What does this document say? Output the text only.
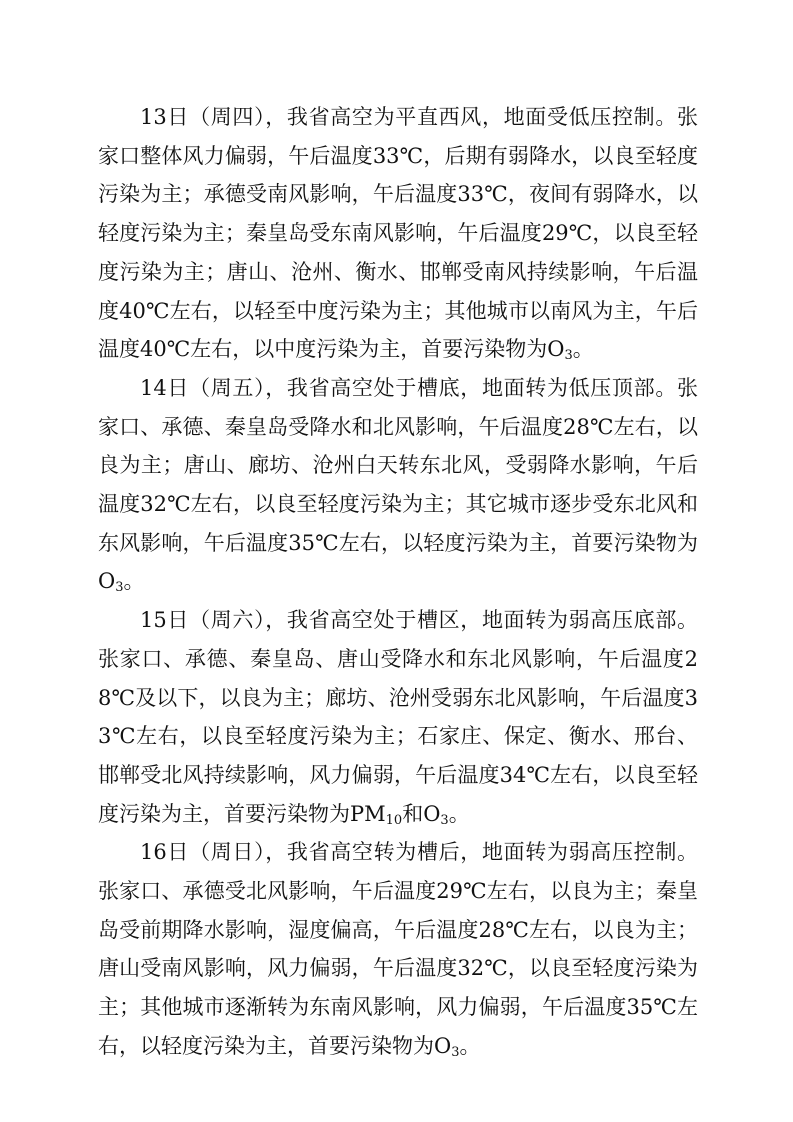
13日（周四），我省高空为平直西风，地面受低压控制。张家口整体风力偏弱，午后温度33℃，后期有弱降水，以良至轻度污染为主；承德受南风影响，午后温度33℃，夜间有弱降水，以轻度污染为主；秦皇岛受东南风影响，午后温度29℃，以良至轻度污染为主；唐山、沧州、衡水、邯郸受南风持续影响，午后温度40℃左右，以轻至中度污染为主；其他城市以南风为主，午后温度40℃左右，以中度污染为主，首要污染物为$O_3$。

14日（周五），我省高空处于槽底，地面转为低压顶部。张家口、承德、秦皇岛受降水和北风影响，午后温度28℃左右，以良为主；唐山、廊坊、沧州白天转东北风，受弱降水影响，午后温度32℃左右，以良至轻度污染为主；其它城市逐步受东北风和东风影响，午后温度35℃左右，以轻度污染为主，首要污染物为$O_3$。

15日（周六），我省高空处于槽区，地面转为弱高压底部。张家口、承德、秦皇岛、唐山受降水和东北风影响，午后温度28℃及以下，以良为主；廊坊、沧州受弱东北风影响，午后温度33℃左右，以良至轻度污染为主；石家庄、保定、衡水、邢台、邯郸受北风持续影响，风力偏弱，午后温度34℃左右，以良至轻度污染为主，首要污染物为$PM_{10}$和$O_3$。

16日（周日），我省高空转为槽后，地面转为弱高压控制。张家口、承德受北风影响，午后温度29℃左右，以良为主；秦皇岛受前期降水影响，湿度偏高，午后温度28℃左右，以良为主；唐山受南风影响，风力偏弱，午后温度32℃，以良至轻度污染为主；其他城市逐渐转为东南风影响，风力偏弱，午后温度35℃左右，以轻度污染为主，首要污染物为$O_3$。
